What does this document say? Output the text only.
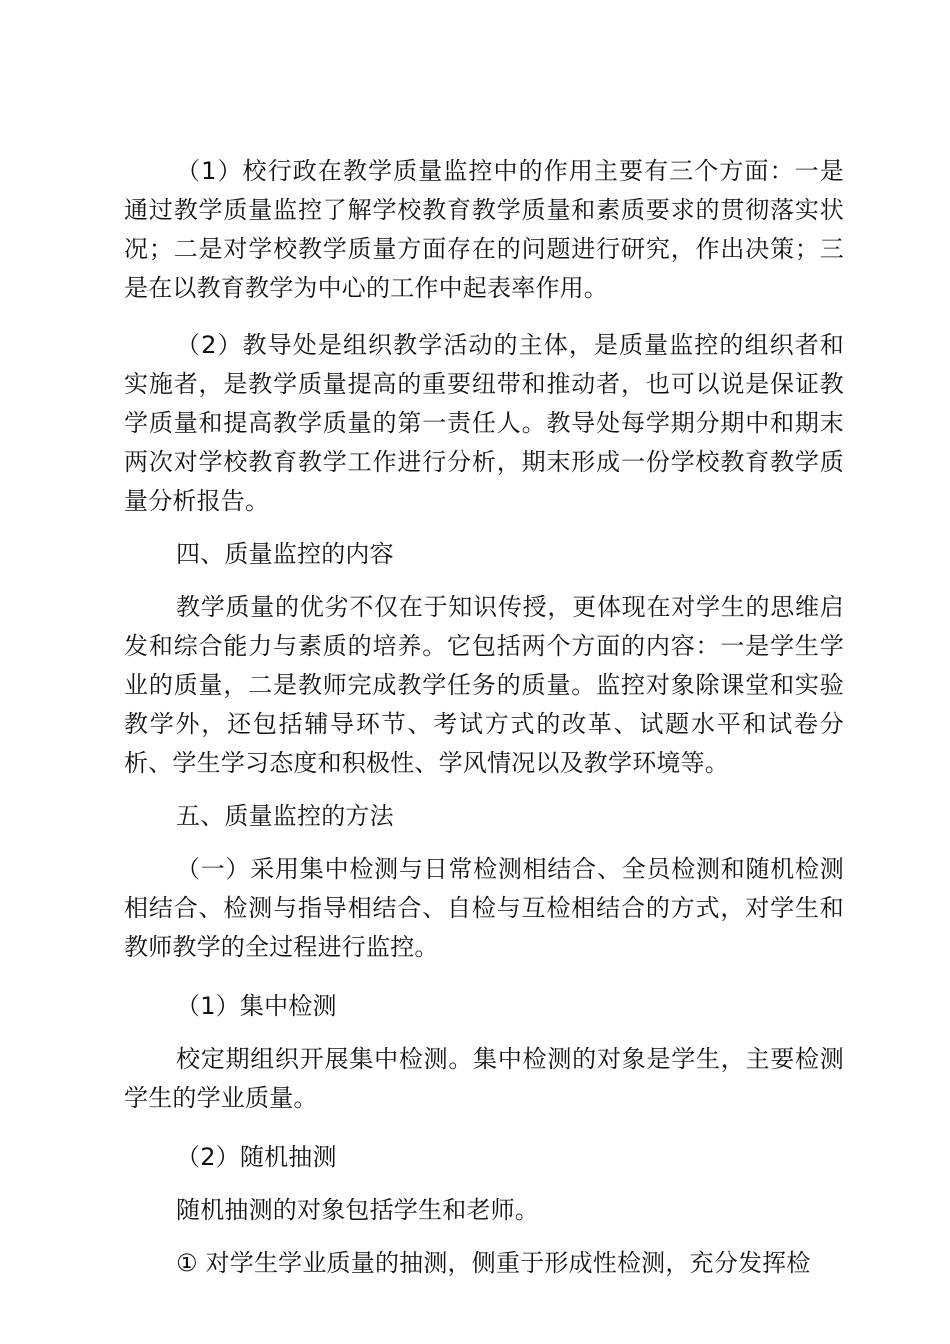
（1）校行政在教学质量监控中的作用主要有三个方面：一是通过教学质量监控了解学校教育教学质量和素质要求的贯彻落实状况；二是对学校教学质量方面存在的问题进行研究，作出决策；三是在以教育教学为中心的工作中起表率作用。

（2）教导处是组织教学活动的主体，是质量监控的组织者和实施者，是教学质量提高的重要纽带和推动者，也可以说是保证教学质量和提高教学质量的第一责任人。教导处每学期分期中和期末两次对学校教育教学工作进行分析，期末形成一份学校教育教学质量分析报告。

四、质量监控的内容

教学质量的优劣不仅在于知识传授，更体现在对学生的思维启发和综合能力与素质的培养。它包括两个方面的内容：一是学生学业的质量，二是教师完成教学任务的质量。监控对象除课堂和实验教学外，还包括辅导环节、考试方式的改革、试题水平和试卷分析、学生学习态度和积极性、学风情况以及教学环境等。

五、质量监控的方法

（一）采用集中检测与日常检测相结合、全员检测和随机检测相结合、检测与指导相结合、自检与互检相结合的方式，对学生和教师教学的全过程进行监控。

（1）集中检测

校定期组织开展集中检测。集中检测的对象是学生，主要检测学生的学业质量。

（2）随机抽测

随机抽测的对象包括学生和老师。

① 对学生学业质量的抽测，侧重于形成性检测，充分发挥检
